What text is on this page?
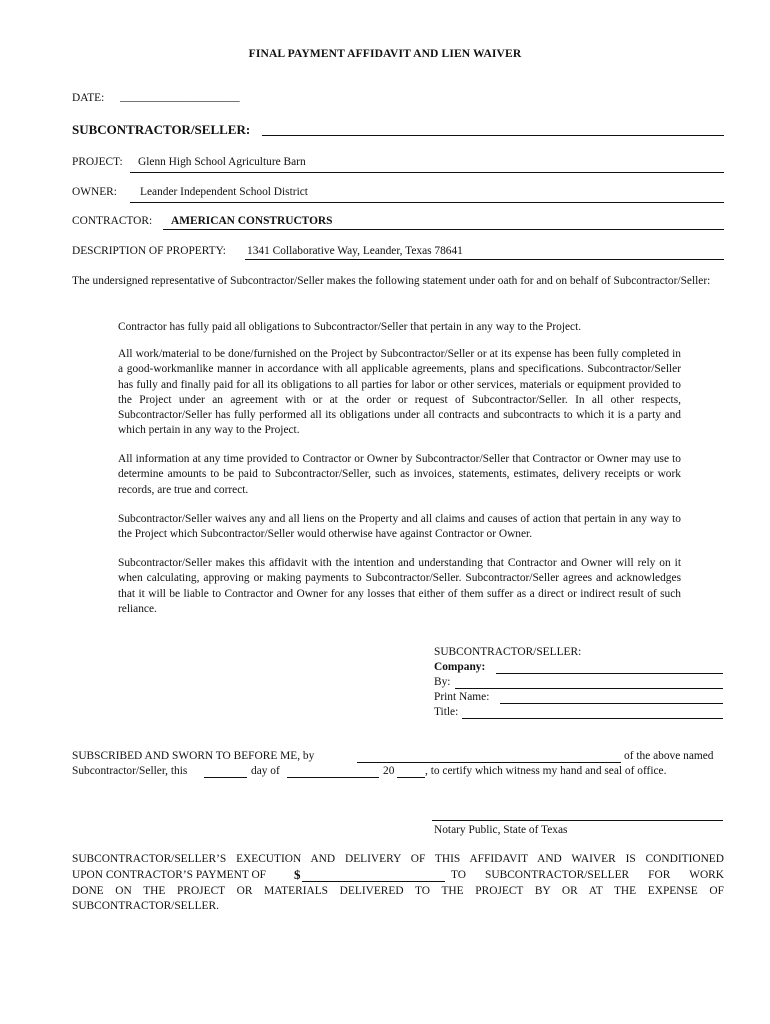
FINAL PAYMENT AFFIDAVIT AND LIEN WAIVER
DATE: _____________________
SUBCONTRACTOR/SELLER:
PROJECT: Glenn High School Agriculture Barn
OWNER: Leander Independent School District
CONTRACTOR: AMERICAN CONSTRUCTORS
DESCRIPTION OF PROPERTY: 1341 Collaborative Way, Leander, Texas 78641
The undersigned representative of Subcontractor/Seller makes the following statement under oath for and on behalf of Subcontractor/Seller:
Contractor has fully paid all obligations to Subcontractor/Seller that pertain in any way to the Project.
All work/material to be done/furnished on the Project by Subcontractor/Seller or at its expense has been fully completed in a good-workmanlike manner in accordance with all applicable agreements, plans and specifications. Subcontractor/Seller has fully and finally paid for all its obligations to all parties for labor or other services, materials or equipment provided to the Project under an agreement with or at the order or request of Subcontractor/Seller. In all other respects, Subcontractor/Seller has fully performed all its obligations under all contracts and subcontracts to which it is a party and which pertain in any way to the Project.
All information at any time provided to Contractor or Owner by Subcontractor/Seller that Contractor or Owner may use to determine amounts to be paid to Subcontractor/Seller, such as invoices, statements, estimates, delivery receipts or work records, are true and correct.
Subcontractor/Seller waives any and all liens on the Property and all claims and causes of action that pertain in any way to the Project which Subcontractor/Seller would otherwise have against Contractor or Owner.
Subcontractor/Seller makes this affidavit with the intention and understanding that Contractor and Owner will rely on it when calculating, approving or making payments to Subcontractor/Seller. Subcontractor/Seller agrees and acknowledges that it will be liable to Contractor and Owner for any losses that either of them suffer as a direct or indirect result of such reliance.
SUBCONTRACTOR/SELLER:
Company:
By:
Print Name:
Title:
SUBSCRIBED AND SWORN TO BEFORE ME, by	of the above named
Subcontractor/Seller, this	day of	20	, to certify which witness my hand and seal of office.
Notary Public, State of Texas
SUBCONTRACTOR/SELLER’S EXECUTION AND DELIVERY OF THIS AFFIDAVIT AND WAIVER IS CONDITIONED
UPON CONTRACTOR’S PAYMENT OF $	TO SUBCONTRACTOR/SELLER FOR WORK
DONE ON THE PROJECT OR MATERIALS DELIVERED TO THE PROJECT BY OR AT THE EXPENSE OF
SUBCONTRACTOR/SELLER.
